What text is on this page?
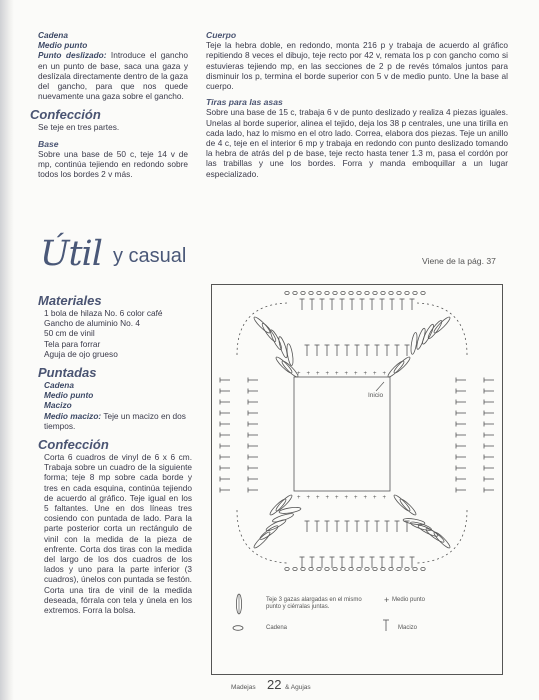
Cadena

Medio punto

Punto deslizado: Introduce el gancho en un punto de base, saca una gaza y deslízala directamente dentro de la gaza del gancho, para que nos quede nuevamente una gaza sobre el gancho.

Confección

Se teje en tres partes.

Base

Sobre una base de 50 c, teje 14 v de mp, continúa tejiendo en redondo sobre todos los bordes 2 v más.

Cuerpo

Teje la hebra doble, en redondo, monta 216 p y trabaja de acuerdo al gráfico repitiendo 8 veces el dibujo, teje recto por 42 v, remata los p con gancho como si estuvieras tejiendo mp, en las secciones de 2 p de revés tómalos juntos para disminuir los p, termina el borde superior con 5 v de medio punto. Une la base al cuerpo.

Tiras para las asas

Sobre una base de 15 c, trabaja 6 v de punto deslizado y realiza 4 piezas iguales. Unelas al borde superior, alinea el tejido, deja los 38 p centrales, une una tirilla en cada lado, haz lo mismo en el otro lado. Correa, elabora dos piezas. Teje un anillo de 4 c, teje en el interior 6 mp y trabaja en redondo con punto deslizado tomando la hebra de atrás del p de base, teje recto hasta tener 1.3 m, pasa el cordón por las trabillas y une los bordes. Forra y manda emboquillar a un lugar especializado.

Útil y casual	Viene de la pág. 37
Materiales

1 bola de hilaza No. 6 color café

Gancho de aluminio No. 4

50 cm de vinil

Tela para forrar

Aguja de ojo grueso

Puntadas

Cadena

Medio punto

Macizo

Medio macizo: Teje un macizo en dos tiempos.

Confección

Corta 6 cuadros de vinyl de 6 x 6 cm. Trabaja sobre un cuadro de la siguiente forma; teje 8 mp sobre cada borde y tres en cada esquina, continúa tejiendo de acuerdo al gráfico. Teje igual en los 5 faltantes. Une en dos líneas tres cosiendo con puntada de lado. Para la parte posterior corta un rectángulo de vinil con la medida de la pieza de enfrente. Corta dos tiras con la medida del largo de los dos cuadros de los lados y uno para la parte inferior (3 cuadros), únelos con puntada se festón. Corta una tira de vinil de la medida deseada, fórrala con tela y únela en los extremos. Forra la bolsa.

+
+
+
+
+
+
+
+
+
+
+
+
+
+
+
+
+
+
+
+
Inicio
Teje 3 gazas alargadas en el mismo punto y ciérralas juntas.
+ Medio punto
Cadena	Macizo
Madejas 22 & Agujas
